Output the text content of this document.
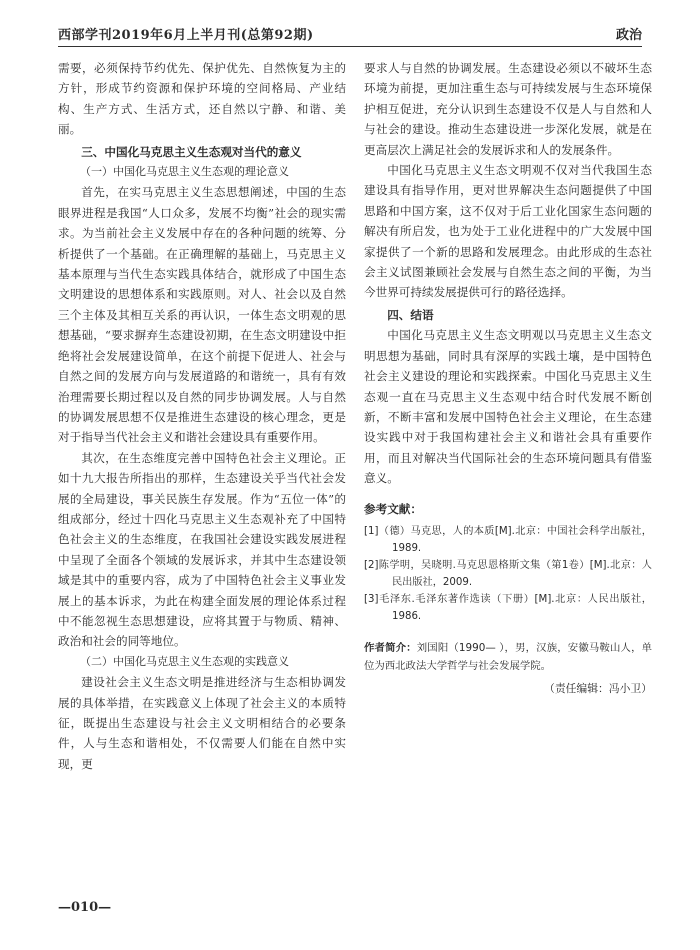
西部学刊2019年6月上半月刊(总第92期)	政治

需要，必须保持节约优先、保护优先、自然恢复为主的方针，形成节约资源和保护环境的空间格局、产业结构、生产方式、生活方式，还自然以宁静、和谐、美丽。

三、中国化马克思主义生态观对当代的意义

（一）中国化马克思主义生态观的理论意义

首先，在实马克思主义生态思想阐述，中国的生态眼界进程是我国“人口众多，发展不均衡”社会的现实需求。为当前社会主义发展中存在的各种问题的统筹、分析提供了一个基础。在正确理解的基础上，马克思主义基本原理与当代生态实践具体结合，就形成了中国生态文明建设的思想体系和实践原则。对人、社会以及自然三个主体及其相互关系的再认识，一体生态文明观的思想基础，“要求摒弃生态建设初期，在生态文明建设中拒绝将社会发展建设简单，在这个前提下促进人、社会与自然之间的发展方向与发展道路的和谐统一，具有有效治理需要长期过程以及自然的同步协调发展。人与自然的协调发展思想不仅是推进生态建设的核心理念，更是对于指导当代社会主义和谐社会建设具有重要作用。

其次，在生态维度完善中国特色社会主义理论。正如十九大报告所指出的那样，生态建设关乎当代社会发展的全局建设，事关民族生存发展。作为“五位一体”的组成部分，经过十四化马克思主义生态观补充了中国特色社会主义的生态维度，在我国社会建设实践发展进程中呈现了全面各个领域的发展诉求，并其中生态建设领域是其中的重要内容，成为了中国特色社会主义事业发展上的基本诉求，为此在构建全面发展的理论体系过程中不能忽视生态思想建设，应将其置于与物质、精神、政治和社会的同等地位。

（二）中国化马克思主义生态观的实践意义

建设社会主义生态文明是推进经济与生态相协调发展的具体举措，在实践意义上体现了社会主义的本质特征，既提出生态建设与社会主义文明相结合的必要条件，人与生态和谐相处，不仅需要人们能在自然中实现，更

要求人与自然的协调发展。生态建设必须以不破坏生态环境为前提，更加注重生态与可持续发展与生态环境保护相互促进，充分认识到生态建设不仅是人与自然和人与社会的建设。推动生态建设进一步深化发展，就是在更高层次上满足社会的发展诉求和人的发展条件。

中国化马克思主义生态文明观不仅对当代我国生态建设具有指导作用，更对世界解决生态问题提供了中国思路和中国方案，这不仅对于后工业化国家生态问题的解决有所启发，也为处于工业化进程中的广大发展中国家提供了一个新的思路和发展理念。由此形成的生态社会主义试图兼顾社会发展与自然生态之间的平衡，为当今世界可持续发展提供可行的路径选择。

四、结语

中国化马克思主义生态文明观以马克思主义生态文明思想为基础，同时具有深厚的实践土壤，是中国特色社会主义建设的理论和实践探索。中国化马克思主义生态观一直在马克思主义生态观中结合时代发展不断创新，不断丰富和发展中国特色社会主义理论，在生态建设实践中对于我国构建社会主义和谐社会具有重要作用，而且对解决当代国际社会的生态环境问题具有借鉴意义。

参考文献：
[1]（德）马克思，人的本质[M].北京：中国社会科学出版社，1989.
[2]陈学明，吴晓明.马克思恩格斯文集（第1卷）[M].北京：人民出版社，2009.
[3]毛泽东.毛泽东著作选读（下册）[M].北京：人民出版社，1986.
作者简介：刘国阳（1990— ），男，汉族，安徽马鞍山人，单位为西北政法大学哲学与社会发展学院。
（责任编辑：冯小卫）
—010—
